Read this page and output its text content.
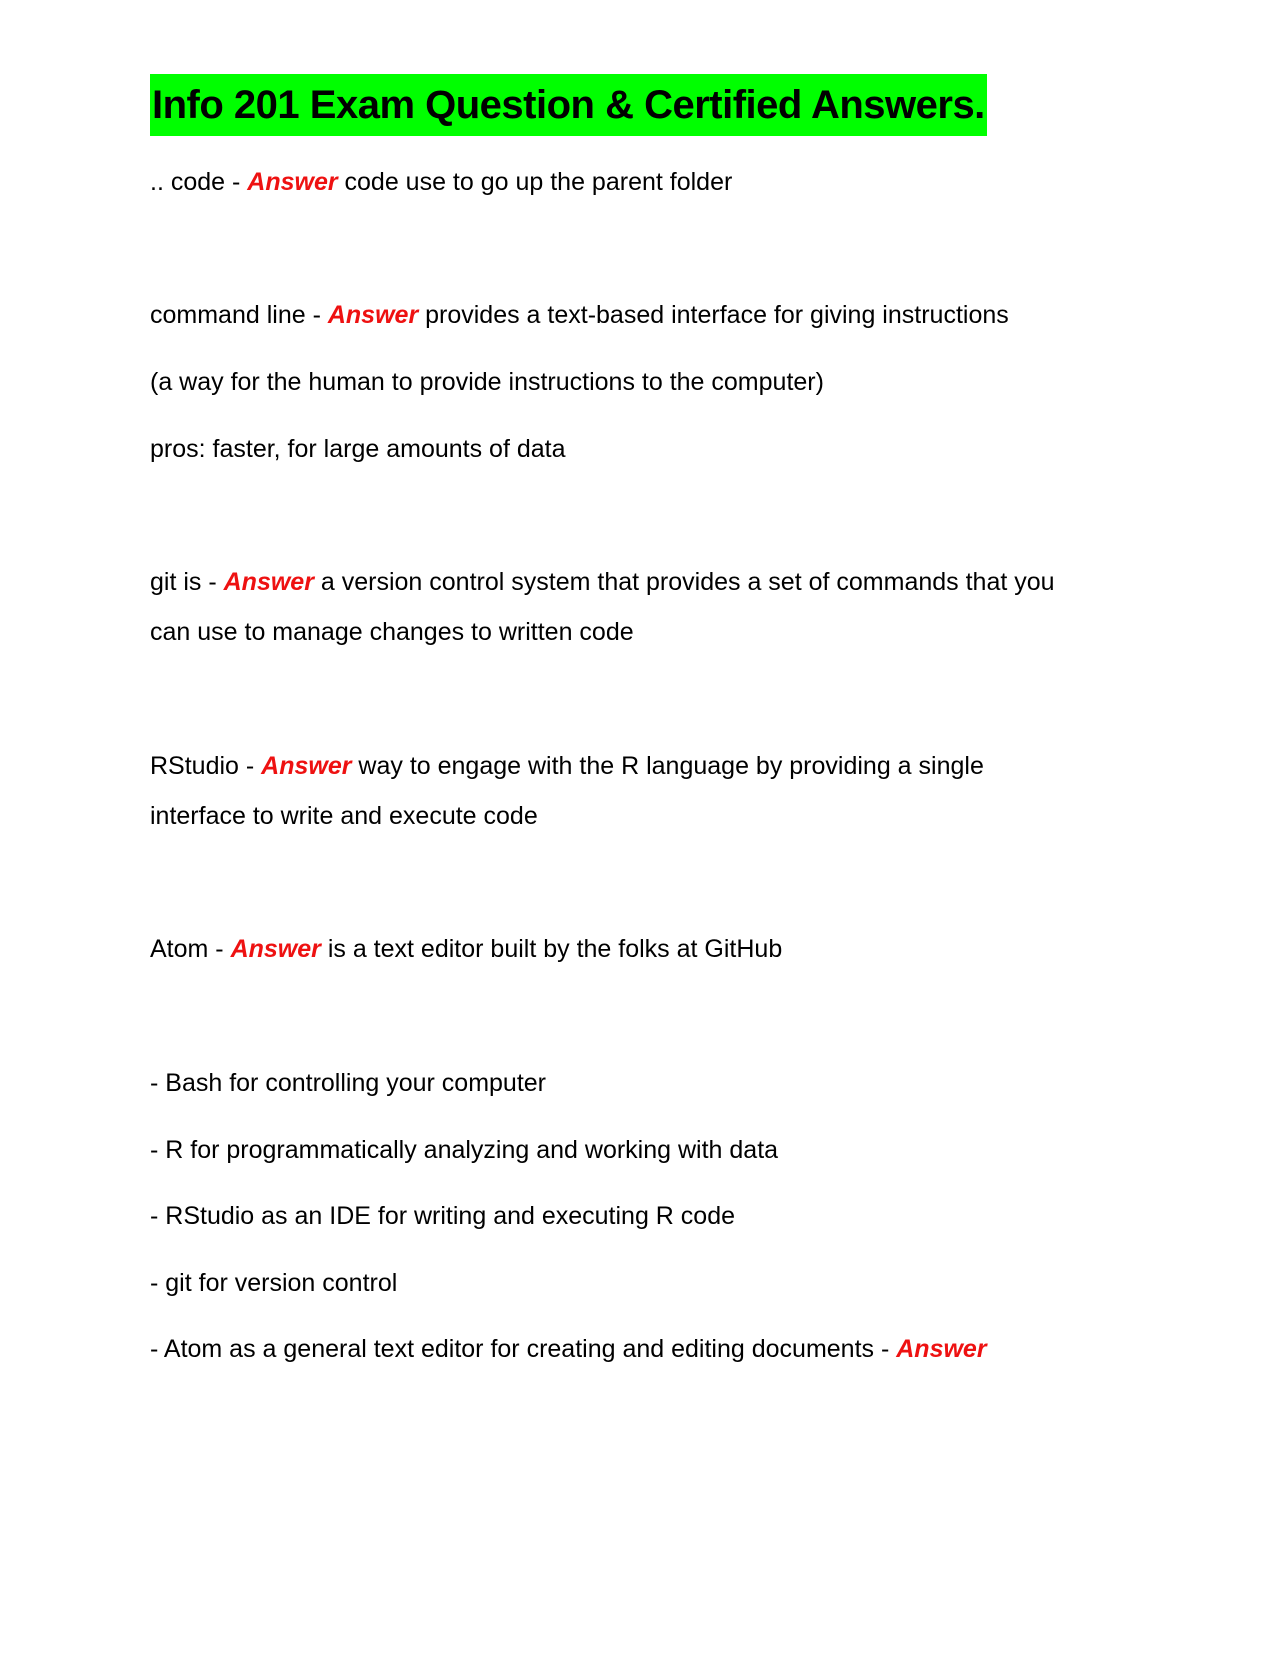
Info 201 Exam Question & Certified Answers.
.. code - Answer code use to go up the parent folder
command line - Answer provides a text-based interface for giving instructions
(a way for the human to provide instructions to the computer)
pros: faster, for large amounts of data
git is - Answer a version control system that provides a set of commands that you
can use to manage changes to written code
RStudio - Answer way to engage with the R language by providing a single
interface to write and execute code
Atom - Answer is a text editor built by the folks at GitHub
- Bash for controlling your computer
- R for programmatically analyzing and working with data
- RStudio as an IDE for writing and executing R code
- git for version control
- Atom as a general text editor for creating and editing documents - Answer
